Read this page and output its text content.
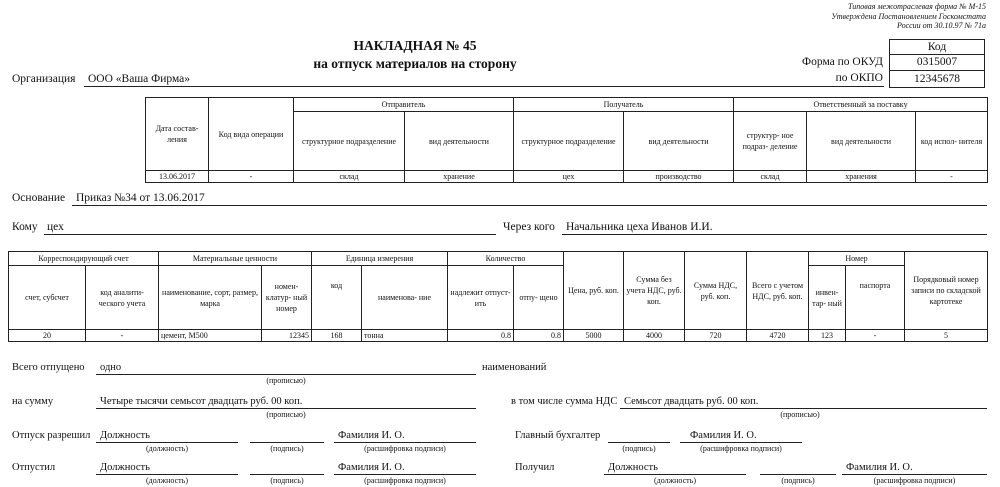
Типовая межотраслевая форма № М-15
Утверждена Постановлением Госкомстата
России от 30.10.97 № 71а
НАКЛАДНАЯ № 45
на отпуск материалов на сторону
Код
0315007
12345678
Форма по ОКУД
по ОКПО
Организация ООО «Ваша Фирма»
Дата состав- ления	Код вида операции	Отправитель		Получатель		Ответственный за поставку		
		структурное подразделение	вид деятельности	структурное подразделение	вид деятельности	структур- ное подраз- деление	вид деятельности	код испол- нителя
13.06.2017	-	склад	хранение	цех	производство	склад	хранения	-
Основание Приказ №34 от 13.06.2017
Кому цех	Через кого Начальника цеха Иванов И.И.
Корреспондирующий счет		Материальные ценности		Единица измерения		Количество		Цена, руб. коп.	Сумма без учета НДС, руб. коп.	Сумма НДС, руб. коп.	Всего с учетом НДС, руб. коп.	Номер		Порядковый номер записи по складской картотеке
счет, субсчет	код аналити- ческого учета	наименование, сорт, размер, марка	номен- клатур- ный номер	код	наименова- ние	надлежит отпуст- ить	отпу- щено					инвен- тар- ный	паспорта	
20	-	цемент, М500	12345	168	тонна	0.8	0.8	5000	4000	720	4720	123	-	5
Всего отпущено одно
(прописью)
наименований
на сумму	Четыре тысячи семьсот двадцать руб. 00 коп.
(прописью)
в том числе сумма НДС Семьсот двадцать руб. 00 коп.
(прописью)
Отпуск разрешил Должность
(должность)	(подпись)
Фамилия И. О.
(расшифровка подписи)
Главный бухгалтер
(подпись)
Фамилия И. О.
(расшифровка подписи)
Отпустил	Должность
(должность)	(подпись)
Фамилия И. О.
(расшифровка подписи)
Получил	Должность
(должность)	(подпись)
Фамилия И. О.
(расшифровка подписи)
